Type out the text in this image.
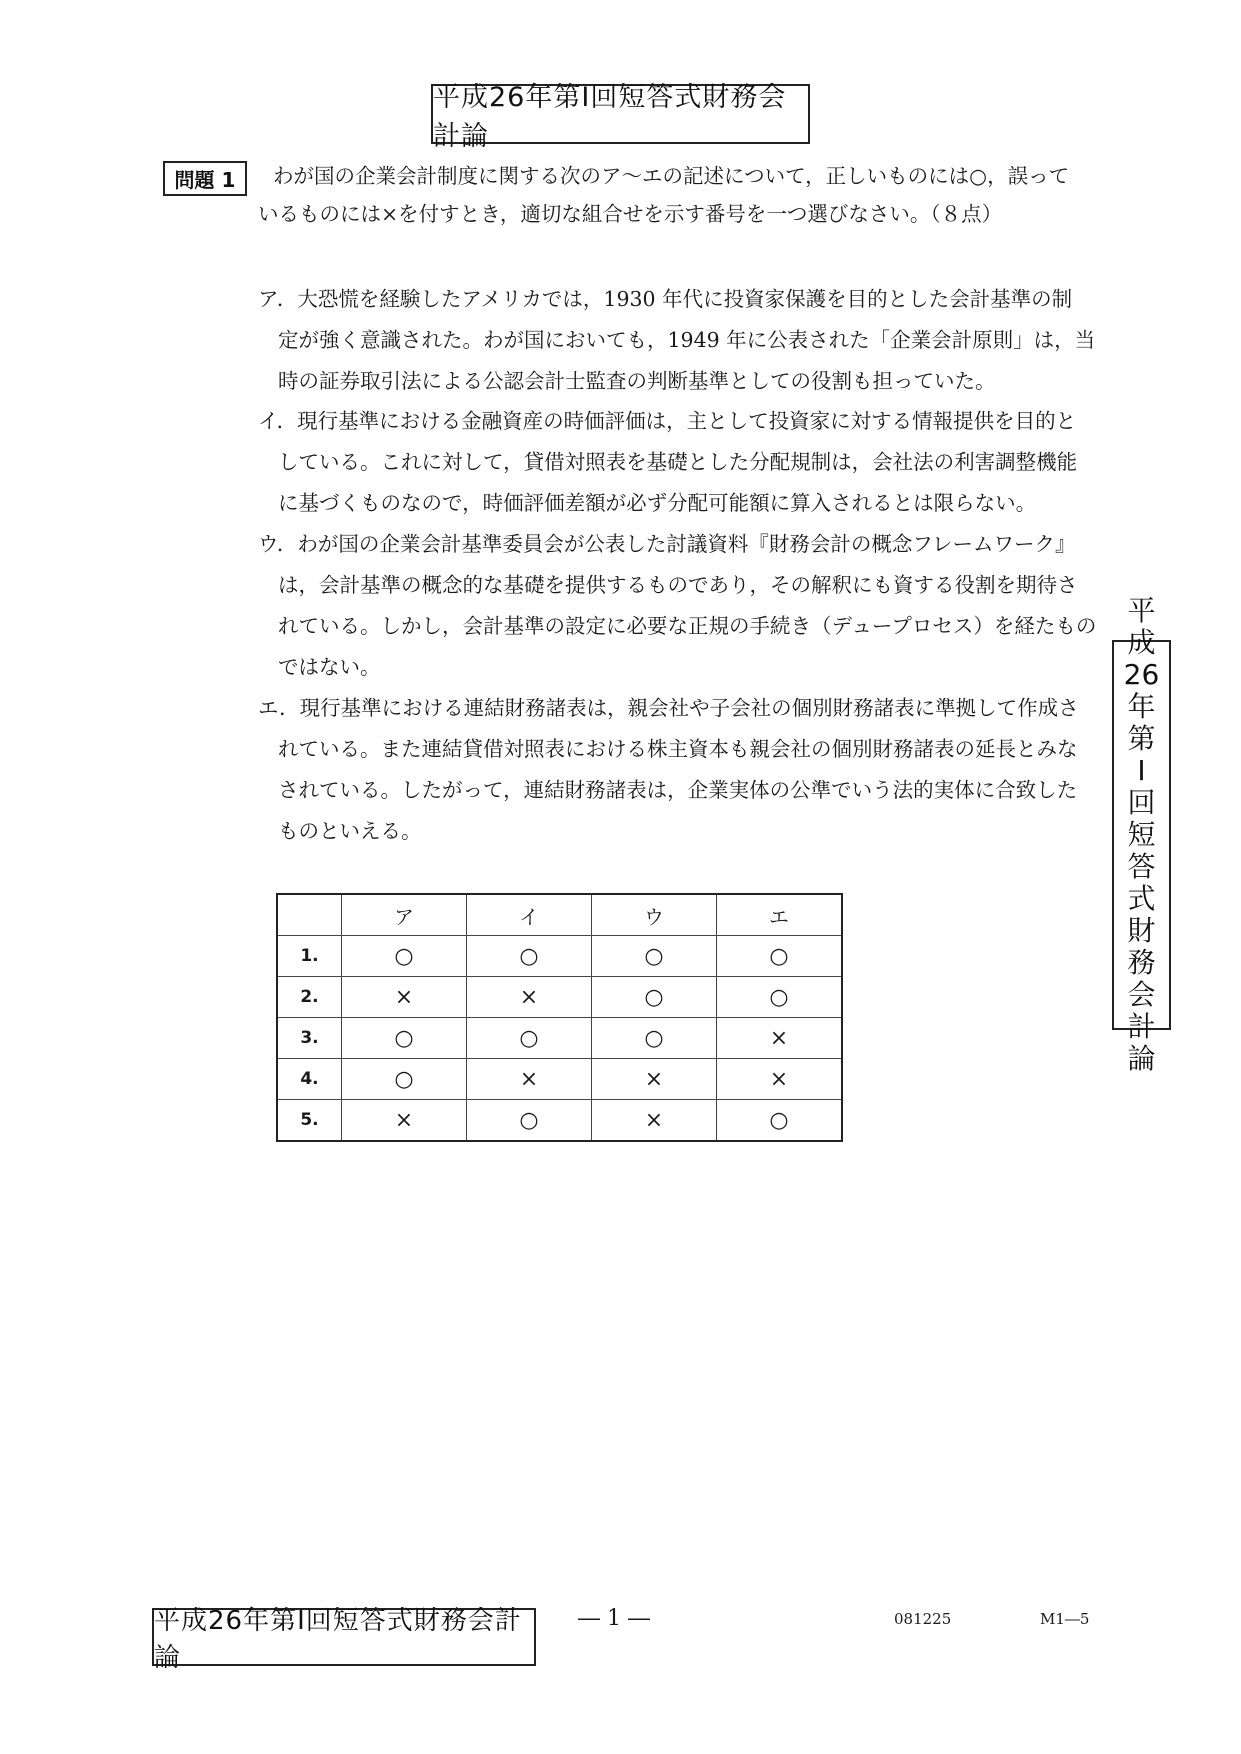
平成26年第Ⅰ回短答式財務会計論
問題 1	わが国の企業会計制度に関する次のア～エの記述について，正しいものには○，誤って
いるものには×を付すとき，適切な組合せを示す番号を一つ選びなさい。（８点）
ア．大恐慌を経験したアメリカでは，1930 年代に投資家保護を目的とした会計基準の制
定が強く意識された。わが国においても，1949 年に公表された「企業会計原則」は，当
時の証券取引法による公認会計士監査の判断基準としての役割も担っていた。
イ．現行基準における金融資産の時価評価は，主として投資家に対する情報提供を目的と
している。これに対して，貸借対照表を基礎とした分配規制は，会社法の利害調整機能
に基づくものなので，時価評価差額が必ず分配可能額に算入されるとは限らない。
ウ．わが国の企業会計基準委員会が公表した討議資料『財務会計の概念フレームワーク』
は，会計基準の概念的な基礎を提供するものであり，その解釈にも資する役割を期待さ
れている。しかし，会計基準の設定に必要な正規の手続き（デュープロセス）を経たもの
ではない。
エ．現行基準における連結財務諸表は，親会社や子会社の個別財務諸表に準拠して作成さ
れている。また連結貸借対照表における株主資本も親会社の個別財務諸表の延長とみな
されている。したがって，連結財務諸表は，企業実体の公準でいう法的実体に合致した
ものといえる。
	ア	イ	ウ	エ
1.	○	○	○	○
2.	×	×	○	○
3.	○	○	○	×
4.	○	×	×	×
5.	×	○	×	○
平
成
26
年
第
Ⅰ
回
短
答
式
財
務
会
計
論
平成26年第Ⅰ回短答式財務会計論
― 1 ―	081225	M1―5
